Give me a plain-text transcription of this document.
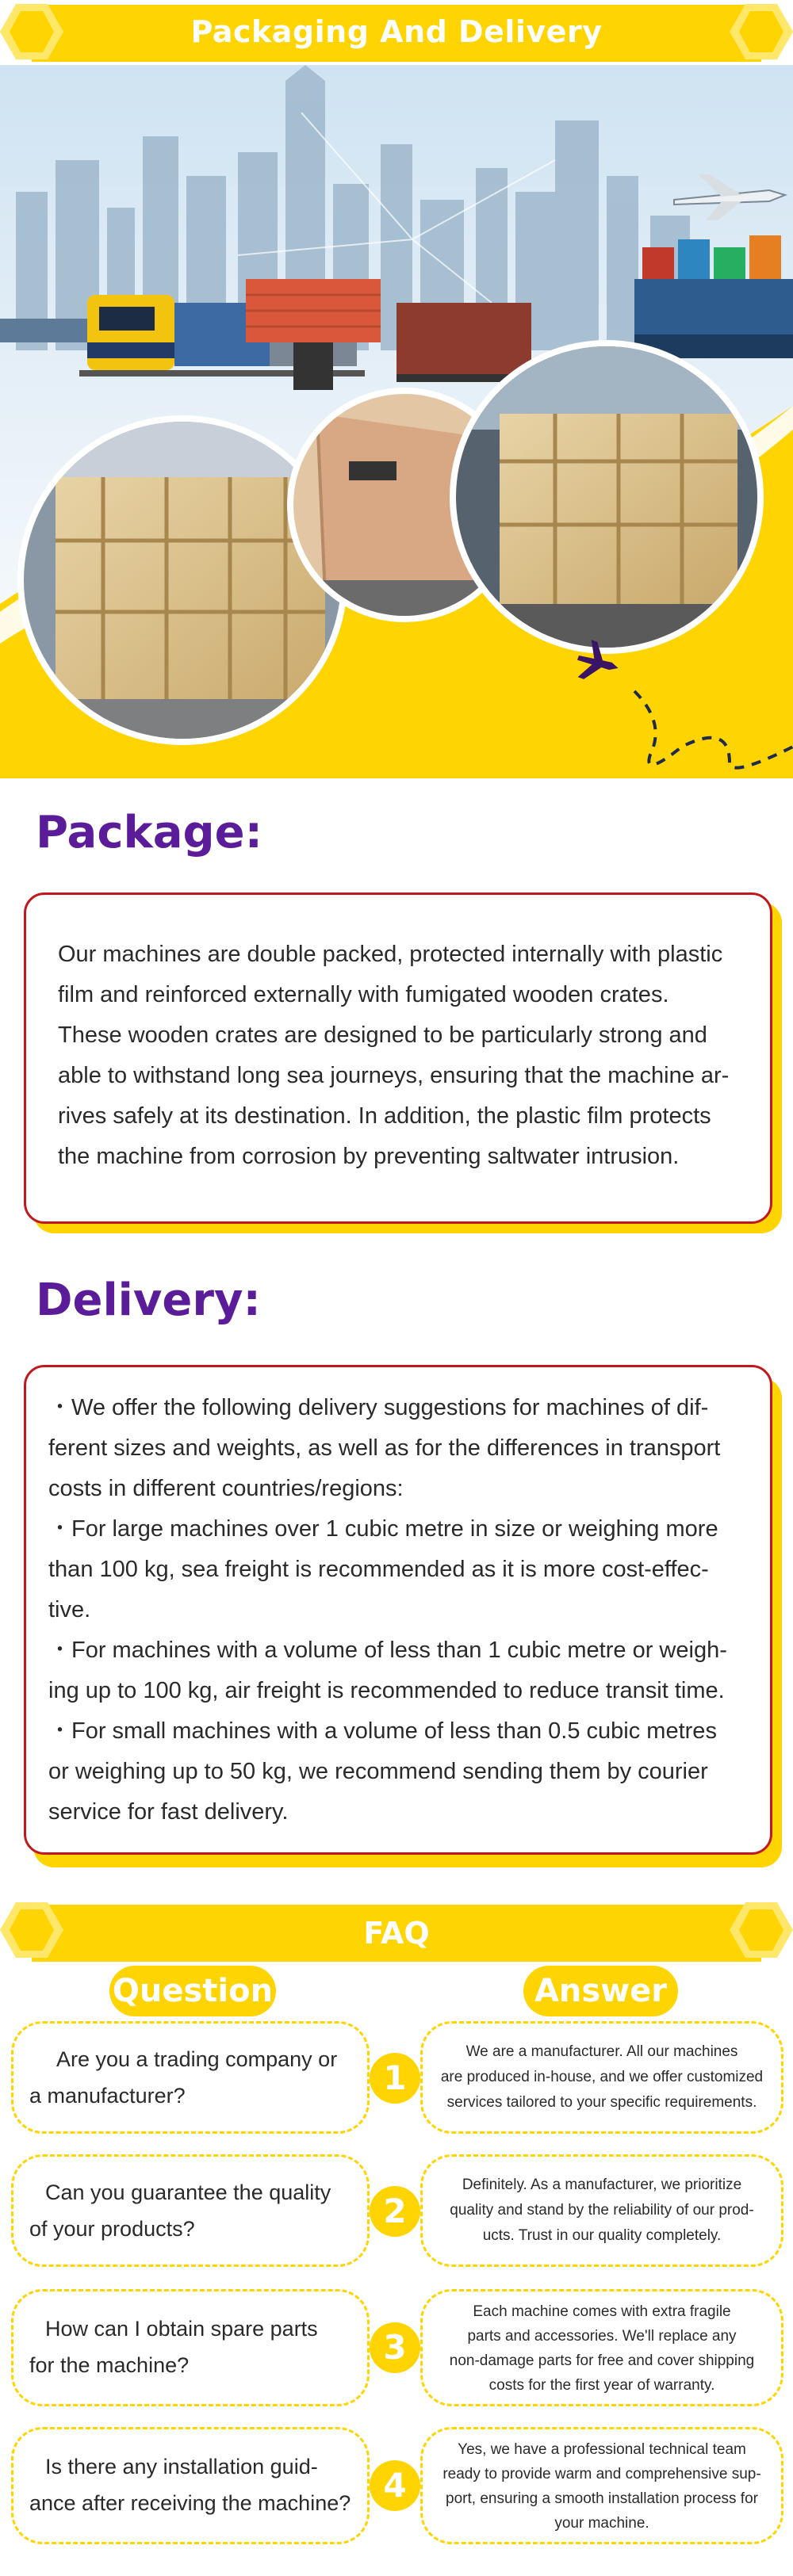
Packaging And Delivery
Package:

Our machines are double packed, protected internally with plastic
film and reinforced externally with fumigated wooden crates.
These wooden crates are designed to be particularly strong and
able to withstand long sea journeys, ensuring that the machine ar-
rives safely at its destination. In addition, the plastic film protects
the machine from corrosion by preventing saltwater intrusion.

Delivery:

・We offer the following delivery suggestions for machines of dif-
ferent sizes and weights, as well as for the differences in transport
costs in different countries/regions:
・For large machines over 1 cubic metre in size or weighing more
than 100 kg, sea freight is recommended as it is more cost-effec-
tive.
・For machines with a volume of less than 1 cubic metre or weigh-
ing up to 100 kg, air freight is recommended to reduce transit time.
・For small machines with a volume of less than 0.5 cubic metres
or weighing up to 50 kg, we recommend sending them by courier
service for fast delivery.

FAQ
Question	Answer
Are you a trading company or
a manufacturer?	1
We are a manufacturer. All our machines
are produced in-house, and we offer customized
services tailored to your specific requirements.
Can you guarantee the quality
of your products?	2
Definitely. As a manufacturer, we prioritize
quality and stand by the reliability of our prod-
ucts. Trust in our quality completely.
How can I obtain spare parts
for the machine?	3
Each machine comes with extra fragile
parts and accessories. We'll replace any
non-damage parts for free and cover shipping
costs for the first year of warranty.
Is there any installation guid-
ance after receiving the machine? 4
Yes, we have a professional technical team
ready to provide warm and comprehensive sup-
port, ensuring a smooth installation process for
your machine.
